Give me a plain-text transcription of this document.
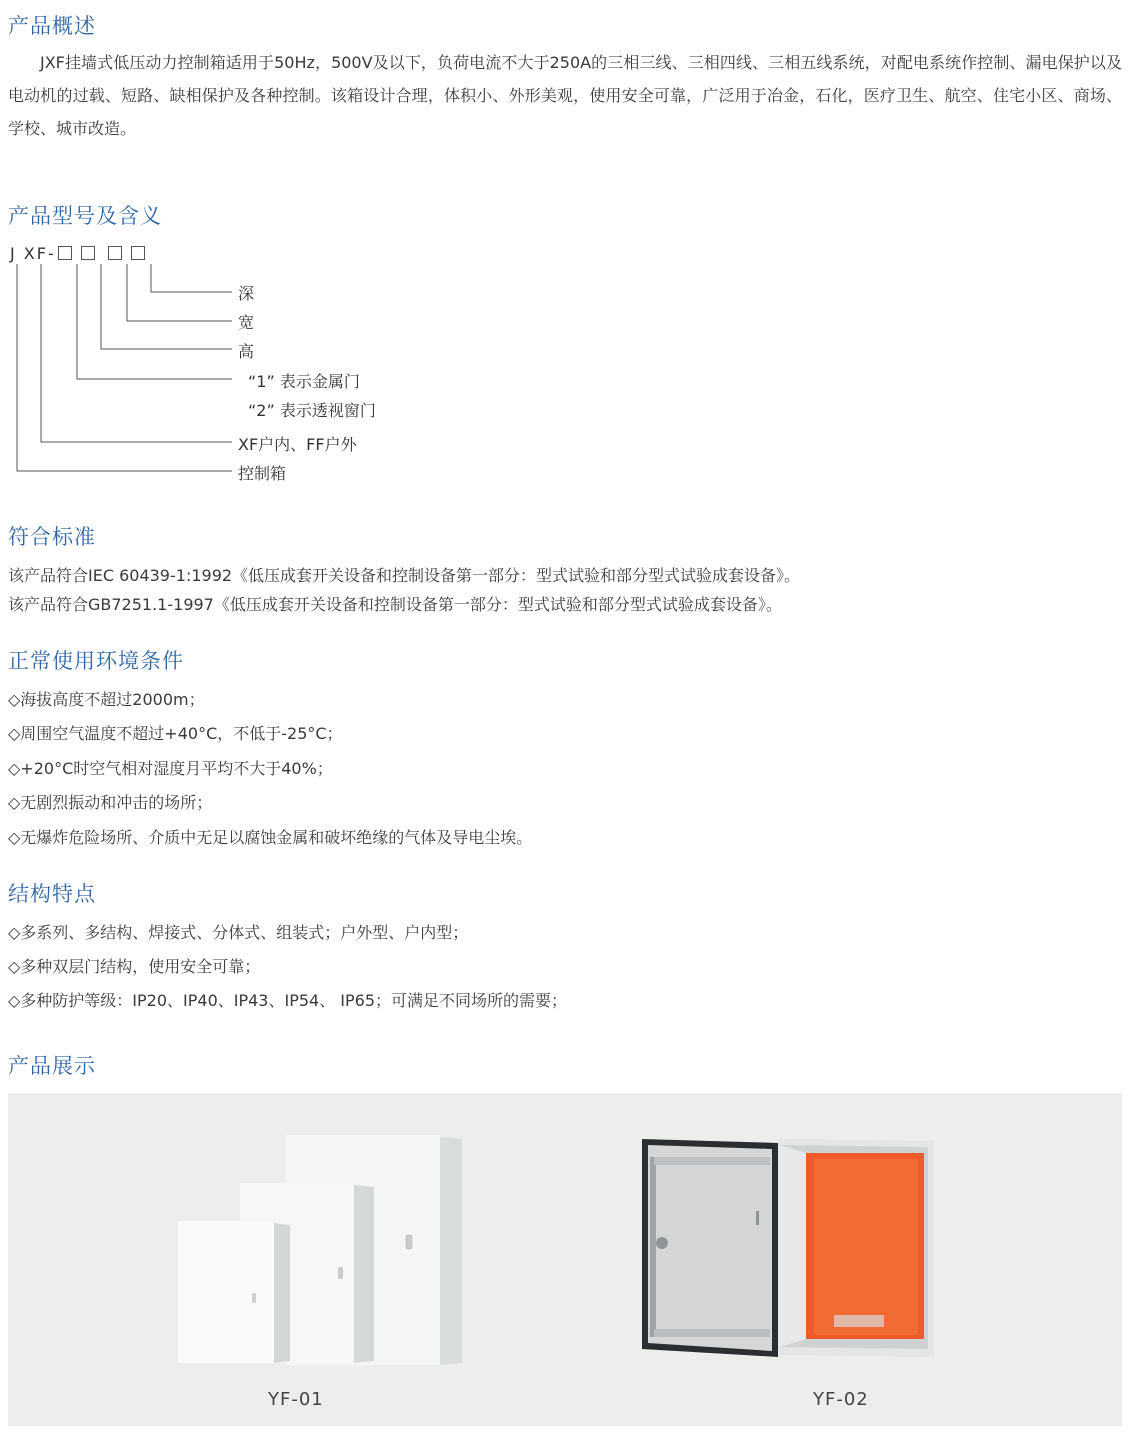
产品概述

JXF挂墙式低压动力控制箱适用于50Hz，500V及以下，负荷电流不大于250A的三相三线、三相四线、三相五线系统，对配电系统作控制、漏电保护以及电动机的过载、短路、缺相保护及各种控制。该箱设计合理，体积小、外形美观，使用安全可靠，广泛用于冶金，石化，医疗卫生、航空、住宅小区、商场、学校、城市改造。

产品型号及含义
J XF-
深
宽
高
“1” 表示金属门
“2” 表示透视窗门
XF户内、FF户外
控制箱
符合标准
该产品符合IEC 60439-1:1992《低压成套开关设备和控制设备第一部分：型式试验和部分型式试验成套设备》。
该产品符合GB7251.1-1997《低压成套开关设备和控制设备第一部分：型式试验和部分型式试验成套设备》。
正常使用环境条件
◇海拔高度不超过2000m；
◇周围空气温度不超过+40°C，不低于-25°C；
◇+20°C时空气相对湿度月平均不大于40%；
◇无剧烈振动和冲击的场所；
◇无爆炸危险场所、介质中无足以腐蚀金属和破坏绝缘的气体及导电尘埃。
结构特点
◇多系列、多结构、焊接式、分体式、组装式；户外型、户内型；
◇多种双层门结构，使用安全可靠；
◇多种防护等级：IP20、IP40、IP43、IP54、 IP65；可满足不同场所的需要；
产品展示
YF-01	YF-02
